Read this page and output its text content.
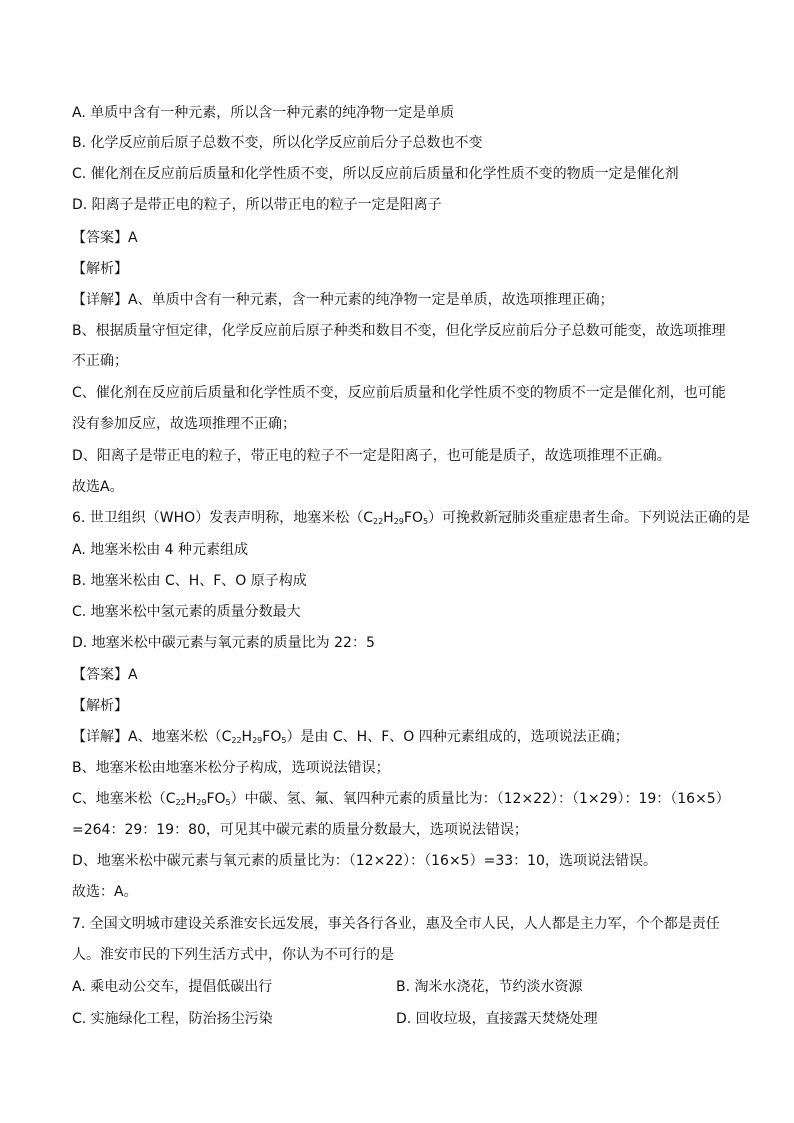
A. 单质中含有一种元素，所以含一种元素的纯净物一定是单质
B. 化学反应前后原子总数不变，所以化学反应前后分子总数也不变
C. 催化剂在反应前后质量和化学性质不变，所以反应前后质量和化学性质不变的物质一定是催化剂
D. 阳离子是带正电的粒子，所以带正电的粒子一定是阳离子
【答案】A
【解析】
【详解】A、单质中含有一种元素，含一种元素的纯净物一定是单质，故选项推理正确；
B、根据质量守恒定律，化学反应前后原子种类和数目不变，但化学反应前后分子总数可能变，故选项推理
不正确；
C、催化剂在反应前后质量和化学性质不变，反应前后质量和化学性质不变的物质不一定是催化剂，也可能
没有参加反应，故选项推理不正确；
D、阳离子是带正电的粒子，带正电的粒子不一定是阳离子，也可能是质子，故选项推理不正确。
故选A。
6. 世卫组织（WHO）发表声明称，地塞米松$(C_{22}H_{29}FO_5)$可挽救新冠肺炎重症患者生命。下列说法正确的是
A. 地塞米松由 4 种元素组成
B. 地塞米松由 C、H、F、O 原子构成
C. 地塞米松中氢元素的质量分数最大
D. 地塞米松中碳元素与氧元素的质量比为 22：5
【答案】A
【解析】
【详解】A、地塞米松$(C_{22}H_{29}FO_5)$是由 C、H、F、O 四种元素组成的，选项说法正确；
B、地塞米松由地塞米松分子构成，选项说法错误；
C、地塞米松$(C_{22}H_{29}FO_5)$中碳、氢、氟、氧四种元素的质量比为：（12×22）：（1×29）：19：（16×5）
=264：29：19：80，可见其中碳元素的质量分数最大，选项说法错误；
D、地塞米松中碳元素与氧元素的质量比为：（12×22）：（16×5）=33：10，选项说法错误。
故选：A。
7. 全国文明城市建设关系淮安长远发展，事关各行各业，惠及全市人民，人人都是主力军，个个都是责任
人。淮安市民的下列生活方式中，你认为不可行的是
A. 乘电动公交车，提倡低碳出行	B. 淘米水浇花，节约淡水资源
C. 实施绿化工程，防治扬尘污染	D. 回收垃圾，直接露天焚烧处理
